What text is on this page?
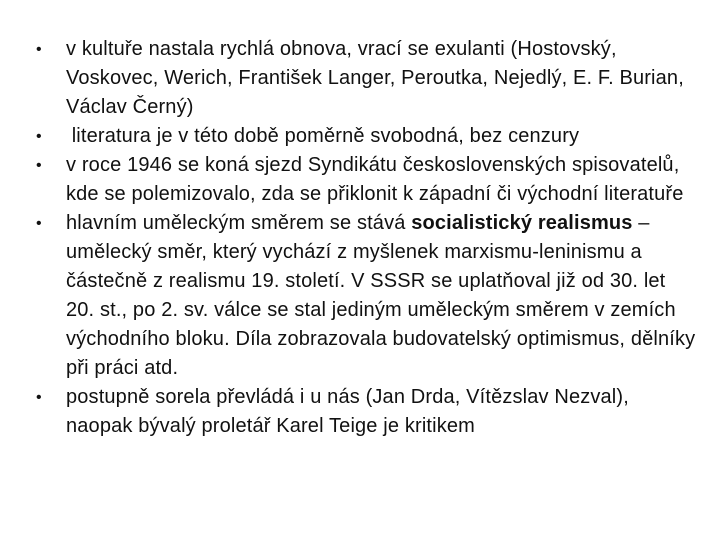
• v kultuře nastala rychlá obnova, vrací se exulanti (Hostovský, Voskovec, Werich, František Langer, Peroutka, Nejedlý, E. F. Burian, Václav Černý)
• literatura je v této době poměrně svobodná, bez cenzury
• v roce 1946 se koná sjezd Syndikátu československých spisovatelů, kde se polemizovalo, zda se přiklonit k západní či východní literatuře
• hlavním uměleckým směrem se stává socialistický realismus – umělecký směr, který vychází z myšlenek marxismu-leninismu a částečně z realismu 19. století. V SSSR se uplatňoval již od 30. let 20. st., po 2. sv. válce se stal jediným uměleckým směrem v zemích východního bloku. Díla zobrazovala budovatelský optimismus, dělníky při práci atd.
• postupně sorela převládá i u nás (Jan Drda, Vítězslav Nezval), naopak bývalý proletář Karel Teige je kritikem
